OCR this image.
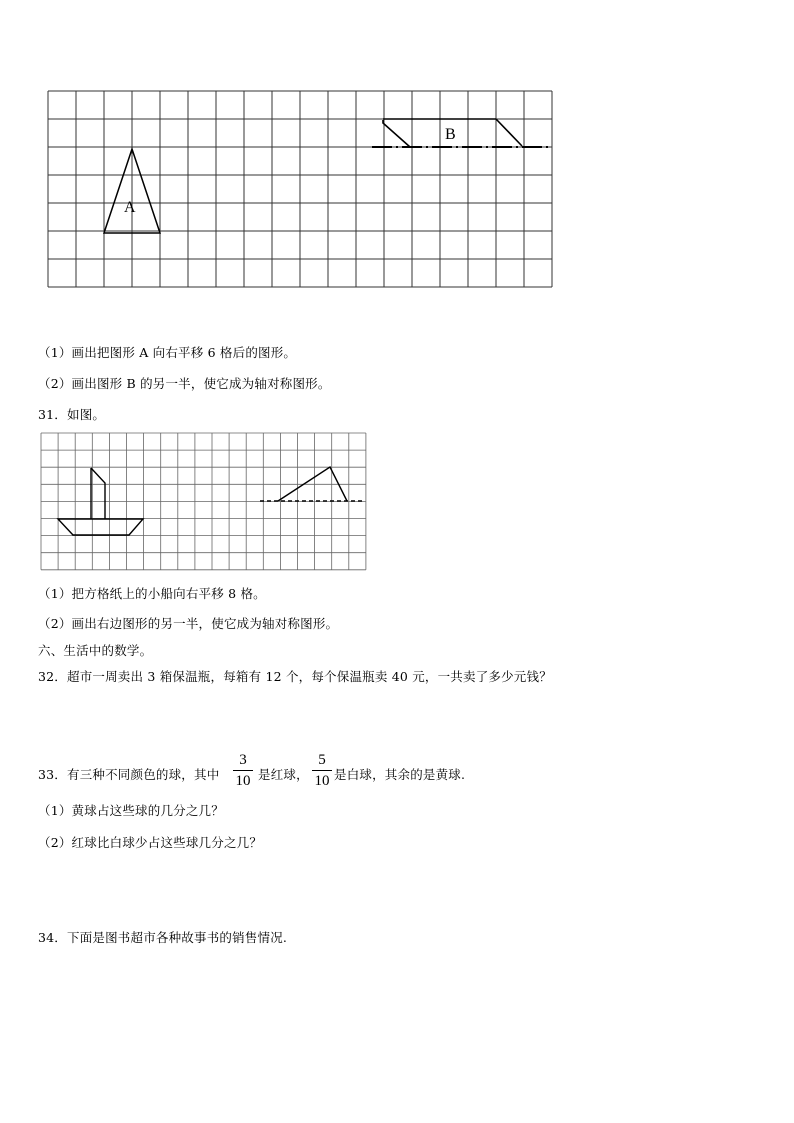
A
B
（1）画出把图形 A 向右平移 6 格后的图形。
（2）画出图形 B 的另一半，使它成为轴对称图形。
31．如图。
（1）把方格纸上的小船向右平移 8 格。
（2）画出右边图形的另一半，使它成为轴对称图形。
六、生活中的数学。
32．超市一周卖出 3 箱保温瓶，每箱有 12 个，每个保温瓶卖 40 元，一共卖了多少元钱？
33．有三种不同颜色的球，其中
3
10 是红球，
5
10 是白球，其余的是黄球.
（1）黄球占这些球的几分之几？
（2）红球比白球少占这些球几分之几？
34．下面是图书超市各种故事书的销售情况.
